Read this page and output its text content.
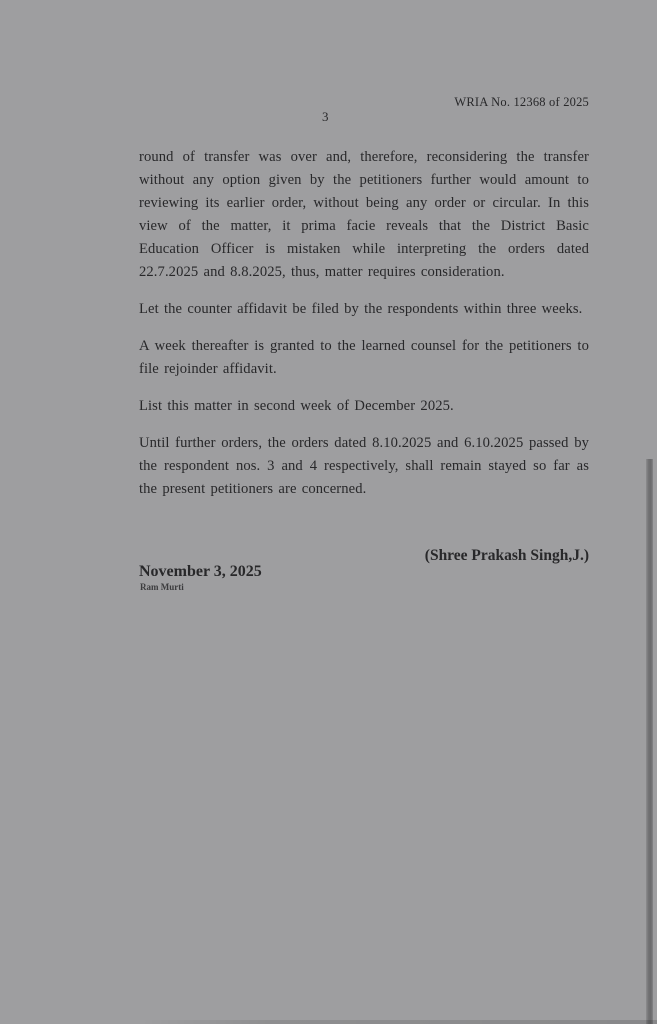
WRIA No. 12368 of 2025
3

round of transfer was over and, therefore, reconsidering the transfer without any option given by the petitioners further would amount to reviewing its earlier order, without being any order or circular. In this view of the matter, it prima facie reveals that the District Basic Education Officer is mistaken while interpreting the orders dated 22.7.2025 and 8.8.2025, thus, matter requires consideration.

Let the counter affidavit be filed by the respondents within three weeks.

A week thereafter is granted to the learned counsel for the petitioners to file rejoinder affidavit.

List this matter in second week of December 2025.

Until further orders, the orders dated 8.10.2025 and 6.10.2025 passed by the respondent nos. 3 and 4 respectively, shall remain stayed so far as the present petitioners are concerned.

(Shree Prakash Singh,J.)
November 3, 2025
Ram Murti
